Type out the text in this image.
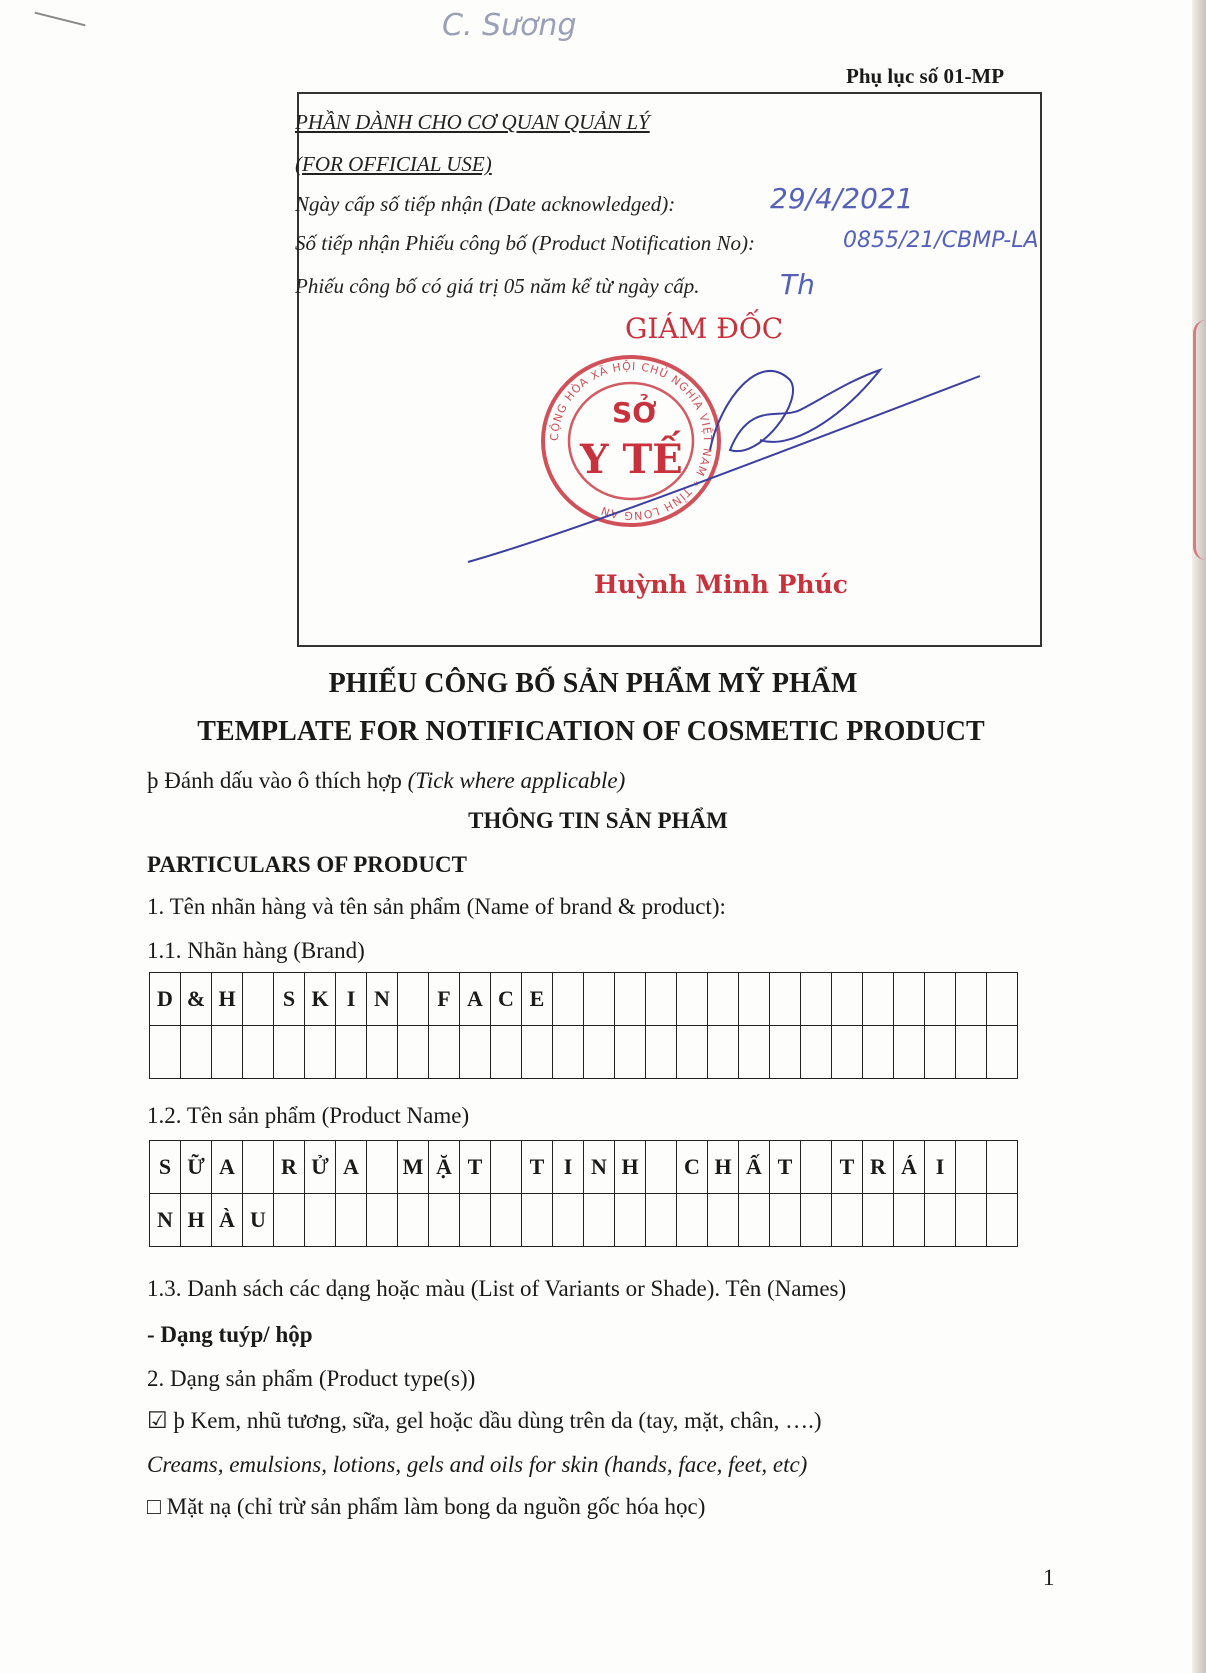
C. Sương
Phụ lục số 01-MP
PHẦN DÀNH CHO CƠ QUAN QUẢN LÝ
(FOR OFFICIAL USE)
Ngày cấp số tiếp nhận (Date acknowledged):	29/4/2021
Số tiếp nhận Phiếu công bố (Product Notification No):	0855/21/CBMP-LA
Phiếu công bố có giá trị 05 năm kể từ ngày cấp.	Th
GIÁM ĐỐC
CỘNG HÒA XÃ HỘI CHỦ NGHĨA VIỆT NAM * TỈNH LONG AN
SỞ
Y TẾ
Huỳnh Minh Phúc
PHIẾU CÔNG BỐ SẢN PHẨM MỸ PHẨM
TEMPLATE FOR NOTIFICATION OF COSMETIC PRODUCT
þ Đánh dấu vào ô thích hợp (Tick where applicable)
THÔNG TIN SẢN PHẨM
PARTICULARS OF PRODUCT
1. Tên nhãn hàng và tên sản phẩm (Name of brand & product):
1.1. Nhãn hàng (Brand)
D	&	H		S	K	I	N		F	A	C	E															

1.2. Tên sản phẩm (Product Name)
S	Ữ	A		R	Ử	A		M	Ặ	T		T	I	N	H		C	H	Ấ	T		T	R	Á	I		
N	H	À	U																								
1.3. Danh sách các dạng hoặc màu (List of Variants or Shade). Tên (Names)
- Dạng tuýp/ hộp
2. Dạng sản phẩm (Product type(s))
☑ þ Kem, nhũ tương, sữa, gel hoặc dầu dùng trên da (tay, mặt, chân, ….)
Creams, emulsions, lotions, gels and oils for skin (hands, face, feet, etc)
□ Mặt nạ (chỉ trừ sản phẩm làm bong da nguồn gốc hóa học)
1
